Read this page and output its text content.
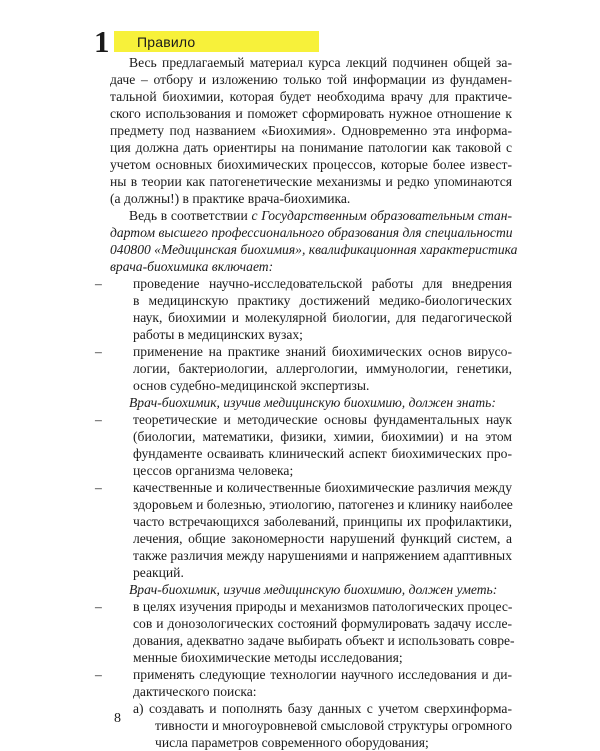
1 Правило
Весь предлагаемый материал курса лекций подчинен общей за-
даче – отбору и изложению только той информации из фундамен-
тальной биохимии, которая будет необходима врачу для практиче-
ского использования и поможет сформировать нужное отношение к
предмету под названием «Биохимия». Одновременно эта информа-
ция должна дать ориентиры на понимание патологии как таковой с
учетом основных биохимических процессов, которые более извест-
ны в теории как патогенетические механизмы и редко упоминаются
(а должны!) в практике врача-биохимика.
Ведь в соответствии с Государственным образовательным стан-
дартом высшего профессионального образования для специальности
040800 «Медицинская биохимия», квалификационная характеристика
врача-биохимика включает:
– проведение научно-исследовательской работы для внедрения
в медицинскую практику достижений медико-биологических
наук, биохимии и молекулярной биологии, для педагогической
работы в медицинских вузах;
– применение на практике знаний биохимических основ вирусо-
логии, бактериологии, аллергологии, иммунологии, генетики,
основ судебно-медицинской экспертизы.
Врач-биохимик, изучив медицинскую биохимию, должен знать:
– теоретические и методические основы фундаментальных наук
(биологии, математики, физики, химии, биохимии) и на этом
фундаменте осваивать клинический аспект биохимических про-
цессов организма человека;
– качественные и количественные биохимические различия между
здоровьем и болезнью, этиологию, патогенез и клинику наиболее
часто встречающихся заболеваний, принципы их профилактики,
лечения, общие закономерности нарушений функций систем, а
также различия между нарушениями и напряжением адаптивных
реакций.
Врач-биохимик, изучив медицинскую биохимию, должен уметь:
– в целях изучения природы и механизмов патологических процес-
сов и донозологических состояний формулировать задачу иссле-
дования, адекватно задаче выбирать объект и использовать совре-
менные биохимические методы исследования;
– применять следующие технологии научного исследования и ди-
дактического поиска:
а) создавать и пополнять базу данных с учетом сверхинформа-
тивности и многоуровневой смысловой структуры огромного
числа параметров современного оборудования;
8
